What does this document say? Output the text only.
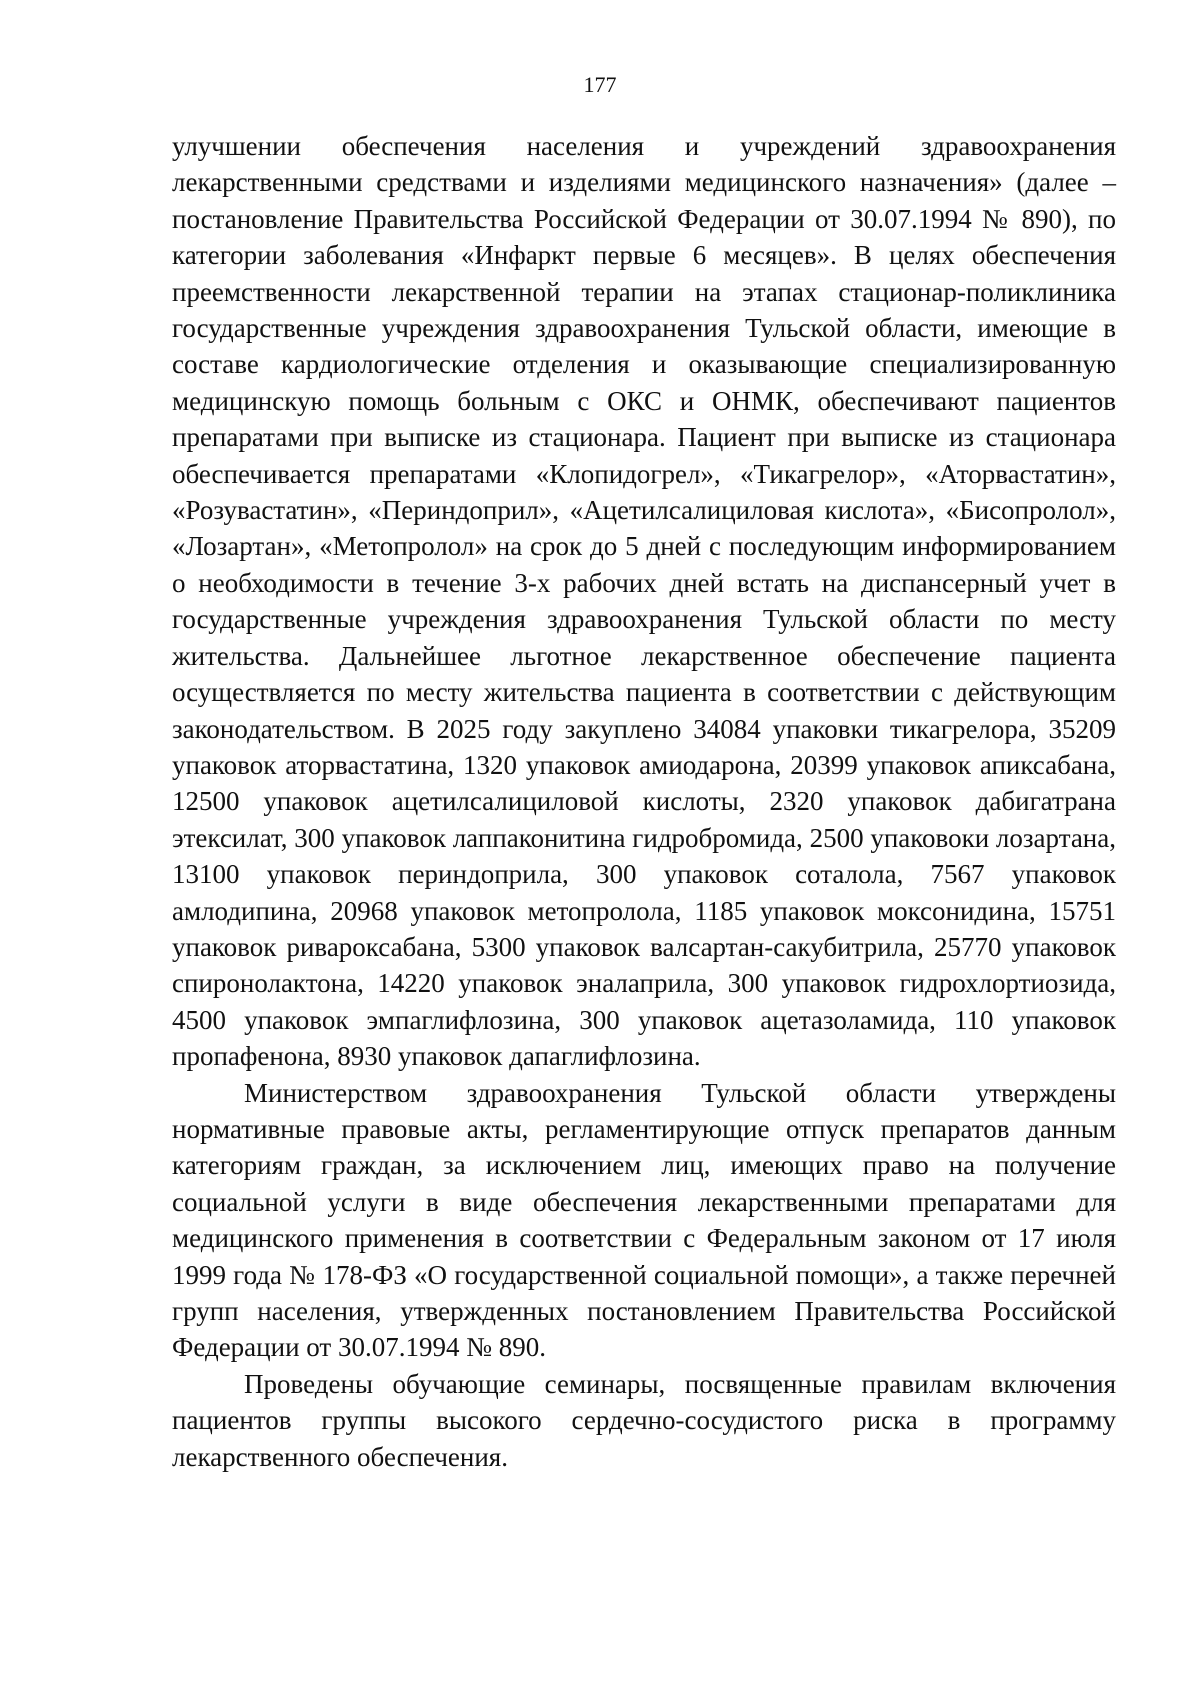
177

улучшении обеспечения населения и учреждений здравоохранения лекарственными средствами и изделиями медицинского назначения» (далее – постановление Правительства Российской Федерации от 30.07.1994 № 890), по категории заболевания «Инфаркт первые 6 месяцев». В целях обеспечения преемственности лекарственной терапии на этапах стационар-поликлиника государственные учреждения здравоохранения Тульской области, имеющие в составе кардиологические отделения и оказывающие специализированную медицинскую помощь больным с ОКС и ОНМК, обеспечивают пациентов препаратами при выписке из стационара. Пациент при выписке из стационара обеспечивается препаратами «Клопидогрел», «Тикагрелор», «Аторвастатин», «Розувастатин», «Периндоприл», «Ацетилсалициловая кислота», «Бисопролол», «Лозартан», «Метопролол» на срок до 5 дней с последующим информированием о необходимости в течение 3-х рабочих дней встать на диспансерный учет в государственные учреждения здравоохранения Тульской области по месту жительства. Дальнейшее льготное лекарственное обеспечение пациента осуществляется по месту жительства пациента в соответствии с действующим законодательством. В 2025 году закуплено 34084 упаковки тикагрелора, 35209 упаковок аторвастатина, 1320 упаковок амиодарона, 20399 упаковок апиксабана, 12500 упаковок ацетилсалициловой кислоты, 2320 упаковок дабигатрана этексилат, 300 упаковок лаппаконитина гидробромида, 2500 упаковоки лозартана, 13100 упаковок периндоприла, 300 упаковок соталола, 7567 упаковок амлодипина, 20968 упаковок метопролола, 1185 упаковок моксонидина, 15751 упаковок ривароксабана, 5300 упаковок валсартан-сакубитрила, 25770 упаковок спиронолактона, 14220 упаковок эналаприла, 300 упаковок гидрохлортиозида, 4500 упаковок эмпаглифлозина, 300 упаковок ацетазоламида, 110 упаковок пропафенона, 8930 упаковок дапаглифлозина.

Министерством здравоохранения Тульской области утверждены нормативные правовые акты, регламентирующие отпуск препаратов данным категориям граждан, за исключением лиц, имеющих право на получение социальной услуги в виде обеспечения лекарственными препаратами для медицинского применения в соответствии с Федеральным законом от 17 июля 1999 года № 178-ФЗ «О государственной социальной помощи», а также перечней групп населения, утвержденных постановлением Правительства Российской Федерации от 30.07.1994 № 890.

Проведены обучающие семинары, посвященные правилам включения пациентов группы высокого сердечно-сосудистого риска в программу лекарственного обеспечения.
